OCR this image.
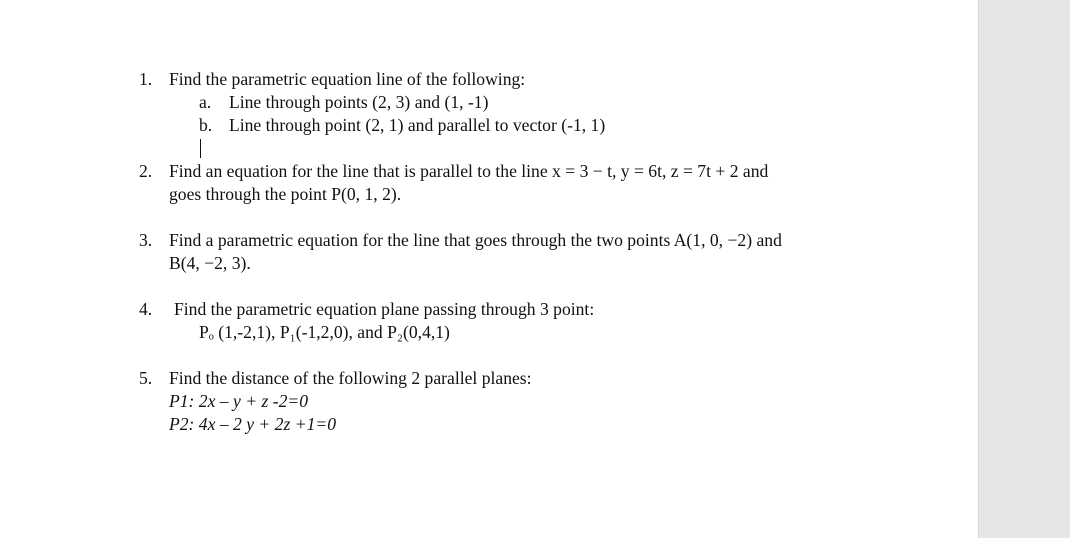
1. Find the parametric equation line of the following:
a. Line through points (2, 3) and (1, -1)
b. Line through point (2, 1) and parallel to vector (-1, 1)
2. Find an equation for the line that is parallel to the line x = 3 − t, y = 6t, z = 7t + 2 and
goes through the point P(0, 1, 2).
3. Find a parametric equation for the line that goes through the two points A(1, 0, −2) and
B(4, −2, 3).
4. Find the parametric equation plane passing through 3 point:
Pₒ (1,-2,1), P₁(-1,2,0), and P₂(0,4,1)
5. Find the distance of the following 2 parallel planes:
P1: 2x – y + z -2=0
P2: 4x – 2 y + 2z +1=0
